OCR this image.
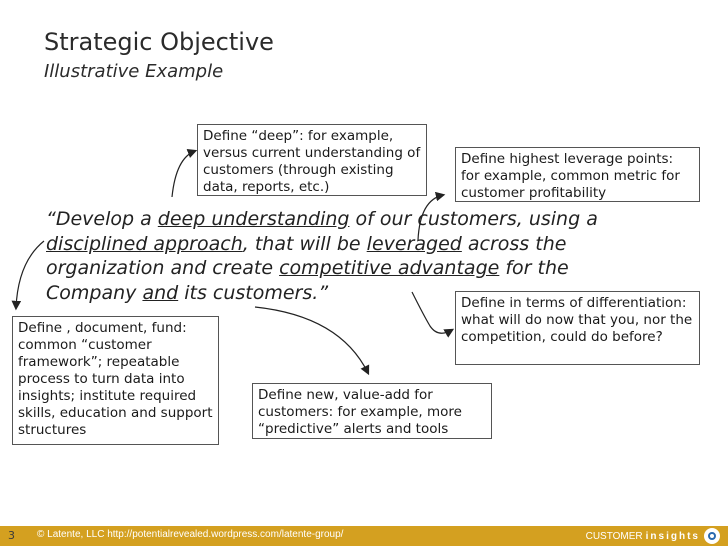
Strategic Objective
Illustrative Example
“Develop a deep understanding of our customers, using a disciplined approach, that will be leveraged across the organization and create competitive advantage for the Company and its customers.”
Define “deep”: for example, versus current understanding of customers (through existing data, reports, etc.)
Define highest leverage points: for example, common metric for customer profitability
Define in terms of differentiation: what will do now that you, nor the competition, could do before?
Define , document, fund: common “customer framework”; repeatable process to turn data into insights; institute required skills, education and support structures
Define new, value-add for customers: for example, more “predictive” alerts and tools
3 © Latente, LLC http://potentialrevealed.wordpress.com/latente-group/	CUSTOMER insights
